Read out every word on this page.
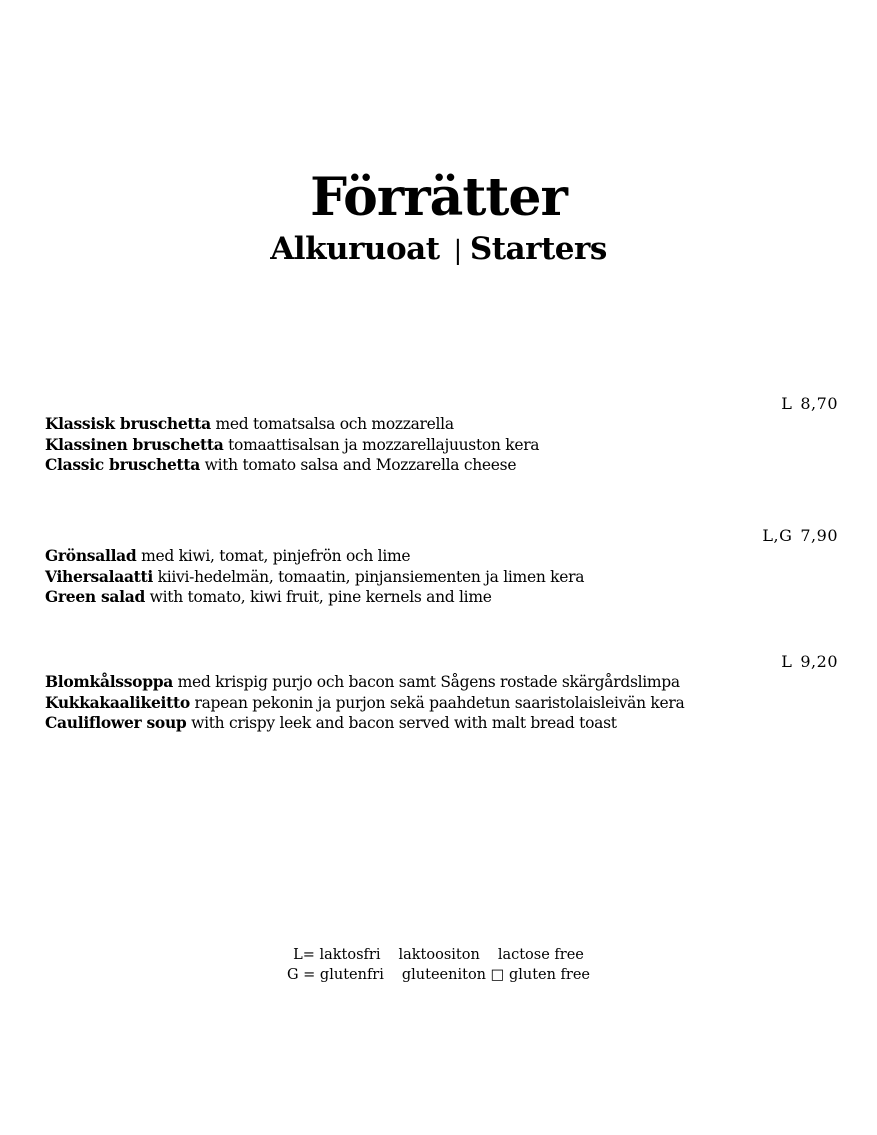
Förrätter
Alkuruoat | Starters
L 8,70
Klassisk bruschetta med tomatsalsa och mozzarella
Klassinen bruschetta tomaattisalsan ja mozzarellajuuston kera
Classic bruschetta with tomato salsa and Mozzarella cheese
L,G 7,90
Grönsallad med kiwi, tomat, pinjefrön och lime
Vihersalaatti kiivi-hedelmän, tomaatin, pinjansiementen ja limen kera
Green salad with tomato, kiwi fruit, pine kernels and lime
L 9,20
Blomkålssoppa med krispig purjo och bacon samt Sågens rostade skärgårdslimpa
Kukkakaalikeitto rapean pekonin ja purjon sekä paahdetun saaristolaisleivän kera
Cauliflower soup with crispy leek and bacon served with malt bread toast
L= laktosfri laktoositon lactose free
G = glutenfri gluteeniton □ gluten free
